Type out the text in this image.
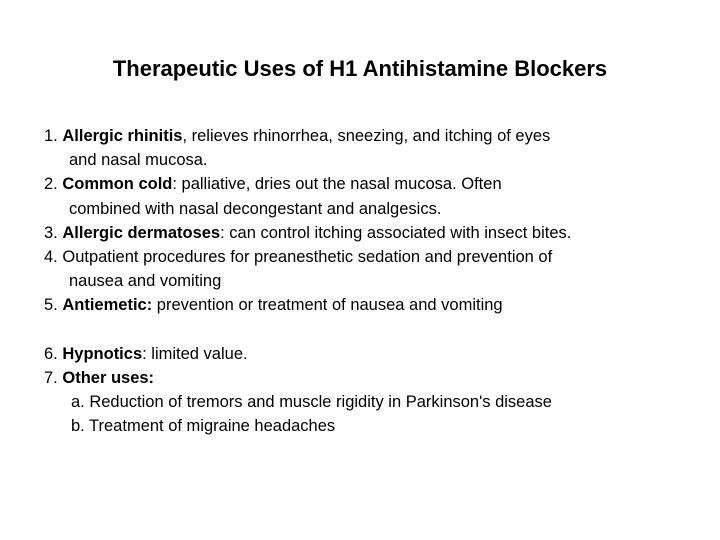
Therapeutic Uses of H1 Antihistamine Blockers
1. Allergic rhinitis, relieves rhinorrhea, sneezing, and itching of eyes
and nasal mucosa.
2. Common cold: palliative, dries out the nasal mucosa. Often
combined with nasal decongestant and analgesics.
3. Allergic dermatoses: can control itching associated with insect bites.
4. Outpatient procedures for preanesthetic sedation and prevention of
nausea and vomiting
5. Antiemetic: prevention or treatment of nausea and vomiting
6. Hypnotics: limited value.
7. Other uses:
a. Reduction of tremors and muscle rigidity in Parkinson's disease
b. Treatment of migraine headaches
